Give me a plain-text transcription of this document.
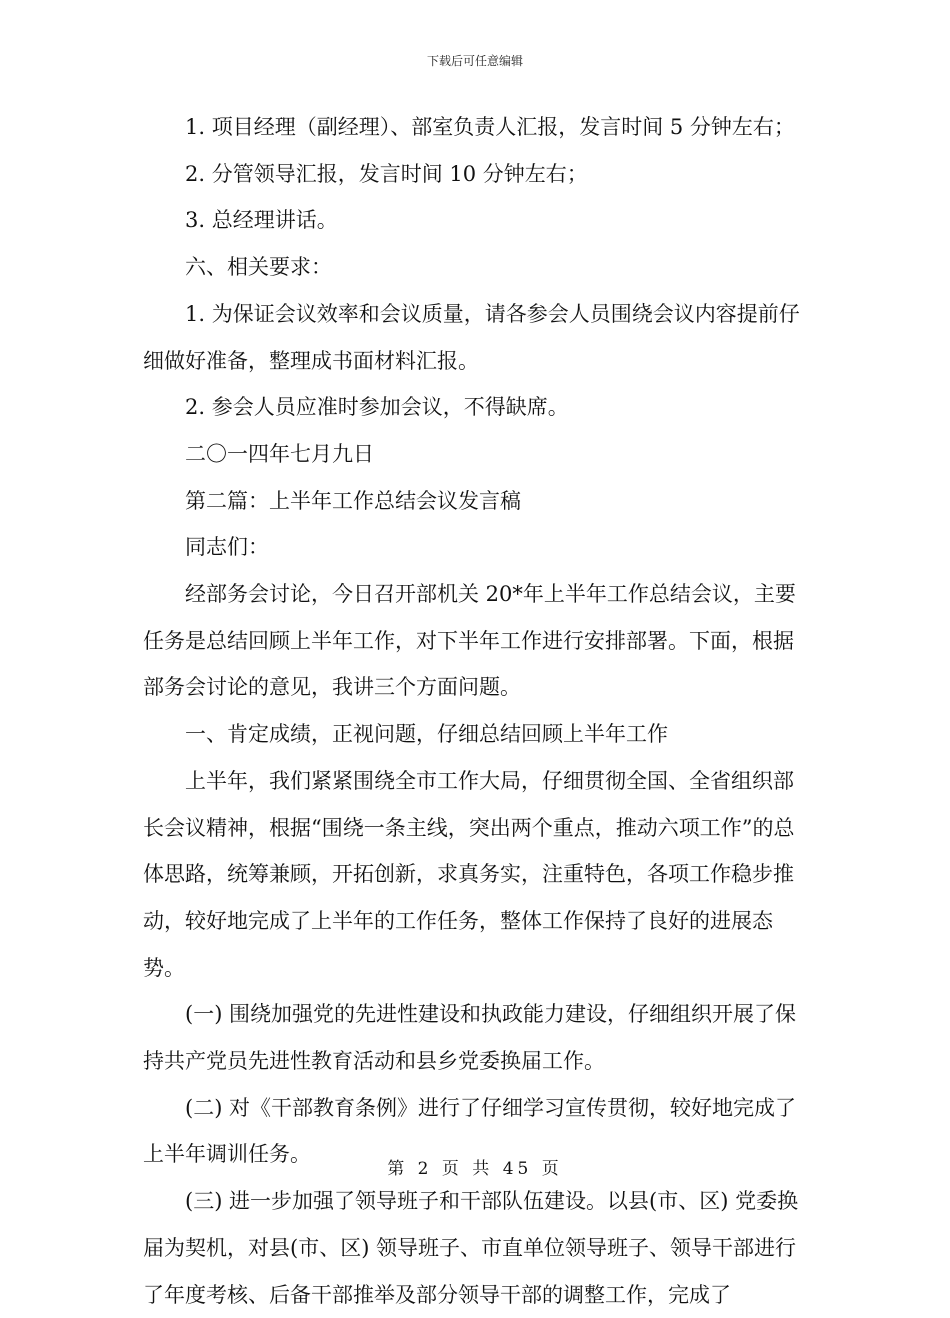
下载后可任意编辑

1. 项目经理（副经理）、部室负责人汇报，发言时间 5 分钟左右；

2. 分管领导汇报，发言时间 10 分钟左右；

3. 总经理讲话。

六、相关要求：

1. 为保证会议效率和会议质量，请各参会人员围绕会议内容提前仔细做好准备，整理成书面材料汇报。

2. 参会人员应准时参加会议，不得缺席。

二〇一四年七月九日

第二篇：上半年工作总结会议发言稿

同志们：

经部务会讨论，今日召开部机关 20*年上半年工作总结会议，主要任务是总结回顾上半年工作，对下半年工作进行安排部署。下面，根据部务会讨论的意见，我讲三个方面问题。

一、肯定成绩，正视问题，仔细总结回顾上半年工作

上半年，我们紧紧围绕全市工作大局，仔细贯彻全国、全省组织部长会议精神，根据“围绕一条主线，突出两个重点，推动六项工作”的总体思路，统筹兼顾，开拓创新，求真务实，注重特色，各项工作稳步推动，较好地完成了上半年的工作任务，整体工作保持了良好的进展态势。

(一) 围绕加强党的先进性建设和执政能力建设，仔细组织开展了保持共产党员先进性教育活动和县乡党委换届工作。

(二) 对《干部教育条例》进行了仔细学习宣传贯彻，较好地完成了上半年调训任务。

(三) 进一步加强了领导班子和干部队伍建设。以县(市、区) 党委换届为契机，对县(市、区) 领导班子、市直单位领导班子、领导干部进行了年度考核、后备干部推举及部分领导干部的调整工作，完成了

第 2 页 共 45 页
